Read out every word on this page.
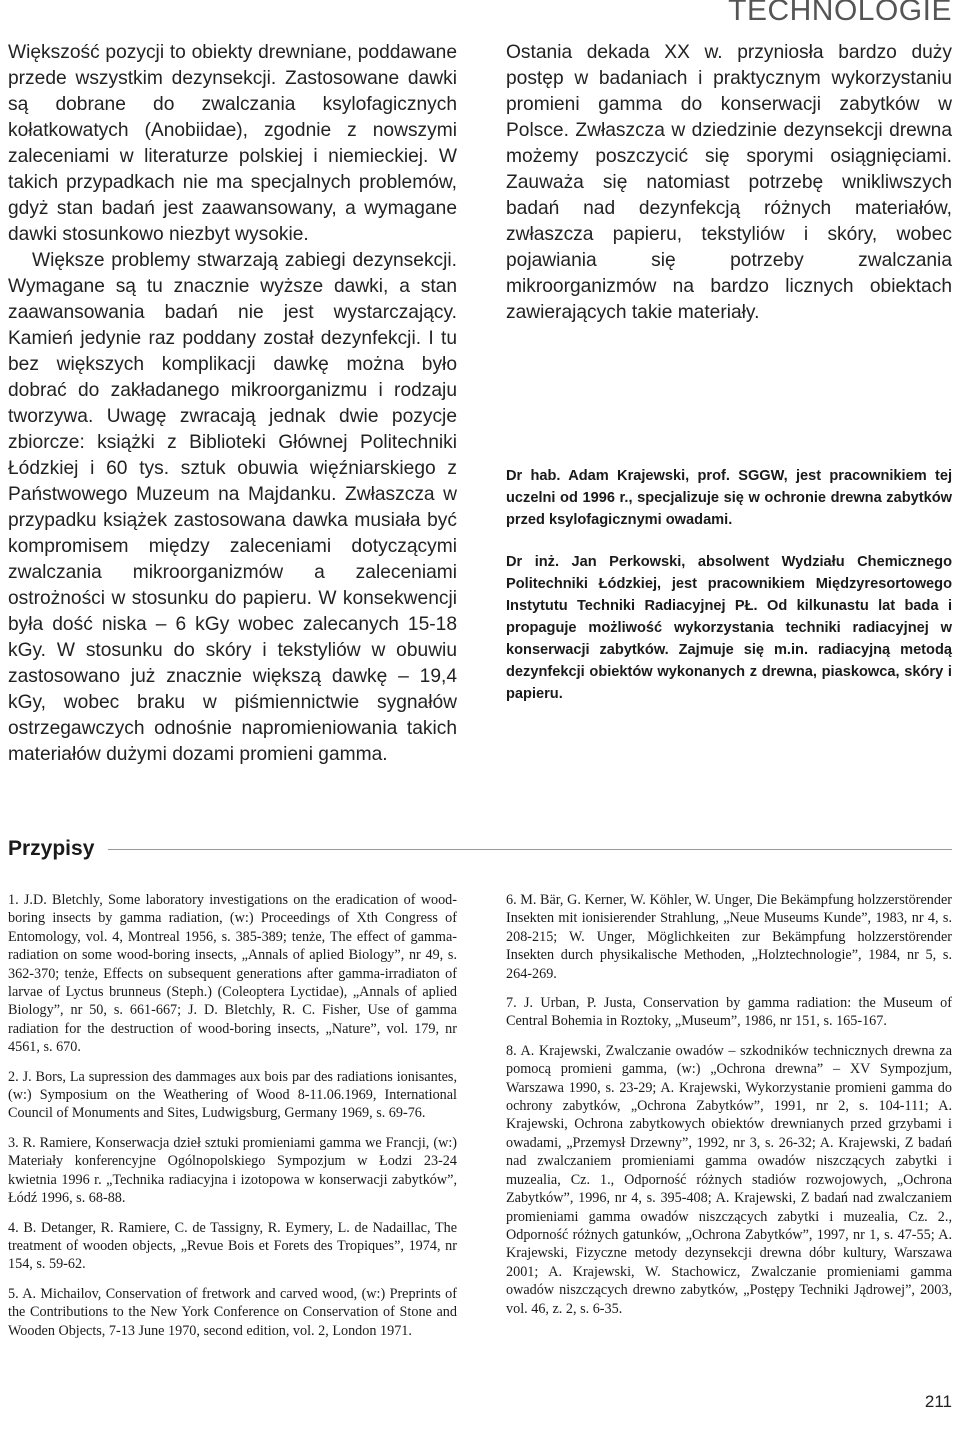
TECHNOLOGIE

Większość pozycji to obiekty drewniane, poddawane przede wszystkim dezynsekcji. Zastosowane dawki są dobrane do zwalczania ksylofagicznych kołatkowatych (Anobiidae), zgodnie z nowszymi zaleceniami w literaturze polskiej i niemieckiej. W takich przypadkach nie ma specjalnych problemów, gdyż stan badań jest zaawansowany, a wymagane dawki stosunkowo niezbyt wysokie.

Większe problemy stwarzają zabiegi dezynsekcji. Wymagane są tu znacznie wyższe dawki, a stan zaawansowania badań nie jest wystarczający. Kamień jedynie raz poddany został dezynfekcji. I tu bez większych komplikacji dawkę można było dobrać do zakładanego mikroorganizmu i rodzaju tworzywa. Uwagę zwracają jednak dwie pozycje zbiorcze: książki z Biblioteki Głównej Politechniki Łódzkiej i 60 tys. sztuk obuwia więźniarskiego z Państwowego Muzeum na Majdanku. Zwłaszcza w przypadku książek zastosowana dawka musiała być kompromisem między zaleceniami dotyczącymi zwalczania mikroorganizmów a zaleceniami ostrożności w stosunku do papieru. W konsekwencji była dość niska – 6 kGy wobec zalecanych 15-18 kGy. W stosunku do skóry i tekstyliów w obuwiu zastosowano już znacznie większą dawkę – 19,4 kGy, wobec braku w piśmiennictwie sygnałów ostrzegawczych odnośnie napromieniowania takich materiałów dużymi dozami promieni gamma.

Ostania dekada XX w. przyniosła bardzo duży postęp w badaniach i praktycznym wykorzystaniu promieni gamma do konserwacji zabytków w Polsce. Zwłaszcza w dziedzinie dezynsekcji drewna możemy poszczycić się sporymi osiągnięciami. Zauważa się natomiast potrzebę wnikliwszych badań nad dezynfekcją różnych materiałów, zwłaszcza papieru, tekstyliów i skóry, wobec pojawiania się potrzeby zwalczania mikroorganizmów na bardzo licznych obiektach zawierających takie materiały.

Dr hab. Adam Krajewski, prof. SGGW, jest pracownikiem tej uczelni od 1996 r., specjalizuje się w ochronie drewna zabytków przed ksylofagicznymi owadami.
Dr inż. Jan Perkowski, absolwent Wydziału Chemicznego Politechniki Łódzkiej, jest pracownikiem Międzyresortowego Instytutu Techniki Radiacyjnej PŁ. Od kilkunastu lat bada i propaguje możliwość wykorzystania techniki radiacyjnej w konserwacji zabytków. Zajmuje się m.in. radiacyjną metodą dezynfekcji obiektów wykonanych z drewna, piaskowca, skóry i papieru.
Przypisy

1. J.D. Bletchly, Some laboratory investigations on the eradication of wood-boring insects by gamma radiation, (w:) Proceedings of Xth Congress of Entomology, vol. 4, Montreal 1956, s. 385-389; tenże, The effect of gamma-radiation on some wood-boring insects, „Annals of aplied Biology”, nr 49, s. 362-370; tenże, Effects on subsequent generations after gamma-irradiaton of larvae of Lyctus brunneus (Steph.) (Coleoptera Lyctidae), „Annals of aplied Biology”, nr 50, s. 661-667; J. D. Bletchly, R. C. Fisher, Use of gamma radiation for the destruction of wood-boring insects, „Nature”, vol. 179, nr 4561, s. 670.

2. J. Bors, La supression des dammages aux bois par des radiations ionisantes, (w:) Symposium on the Weathering of Wood 8-11.06.1969, International Council of Monuments and Sites, Ludwigsburg, Germany 1969, s. 69-76.

3. R. Ramiere, Konserwacja dzieł sztuki promieniami gamma we Francji, (w:) Materiały konferencyjne Ogólnopolskiego Sympozjum w Łodzi 23-24 kwietnia 1996 r. „Technika radiacyjna i izotopowa w konserwacji zabytków”, Łódź 1996, s. 68-88.

4. B. Detanger, R. Ramiere, C. de Tassigny, R. Eymery, L. de Nadaillac, The treatment of wooden objects, „Revue Bois et Forets des Tropiques”, 1974, nr 154, s. 59-62.

5. A. Michailov, Conservation of fretwork and carved wood, (w:) Preprints of the Contributions to the New York Conference on Conservation of Stone and Wooden Objects, 7-13 June 1970, second edition, vol. 2, London 1971.

6. M. Bär, G. Kerner, W. Köhler, W. Unger, Die Bekämpfung holzzerstörender Insekten mit ionisierender Strahlung, „Neue Museums Kunde”, 1983, nr 4, s. 208-215; W. Unger, Möglichkeiten zur Bekämpfung holzzerstörender Insekten durch physikalische Methoden, „Holztechnologie”, 1984, nr 5, s. 264-269.

7. J. Urban, P. Justa, Conservation by gamma radiation: the Museum of Central Bohemia in Roztoky, „Museum”, 1986, nr 151, s. 165-167.

8. A. Krajewski, Zwalczanie owadów – szkodników technicznych drewna za pomocą promieni gamma, (w:) „Ochrona drewna” – XV Sympozjum, Warszawa 1990, s. 23-29; A. Krajewski, Wykorzystanie promieni gamma do ochrony zabytków, „Ochrona Zabytków”, 1991, nr 2, s. 104-111; A. Krajewski, Ochrona zabytkowych obiektów drewnianych przed grzybami i owadami, „Przemysł Drzewny”, 1992, nr 3, s. 26-32; A. Krajewski, Z badań nad zwalczaniem promieniami gamma owadów niszczących zabytki i muzealia, Cz. 1., Odporność różnych stadiów rozwojowych, „Ochrona Zabytków”, 1996, nr 4, s. 395-408; A. Krajewski, Z badań nad zwalczaniem promieniami gamma owadów niszczących zabytki i muzealia, Cz. 2., Odporność różnych gatunków, „Ochrona Zabytków”, 1997, nr 1, s. 47-55; A. Krajewski, Fizyczne metody dezynsekcji drewna dóbr kultury, Warszawa 2001; A. Krajewski, W. Stachowicz, Zwalczanie promieniami gamma owadów niszczących drewno zabytków, „Postępy Techniki Jądrowej”, 2003, vol. 46, z. 2, s. 6-35.

211
